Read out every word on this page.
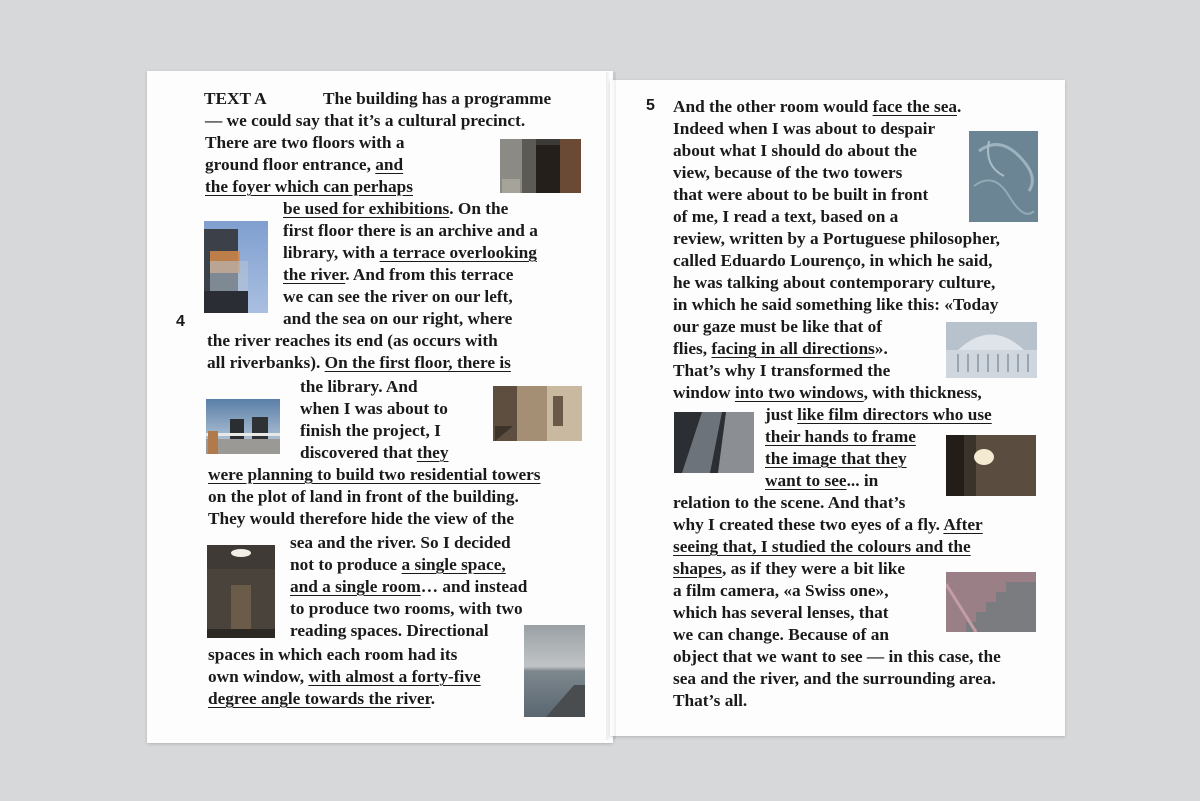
The building has a programme
— we could say that it’s a cultural precinct.
There are two floors with a
ground floor entrance, and
the foyer which can perhaps
be used for exhibitions. On the
first floor there is an archive and a
library, with a terrace overlooking
the river. And from this terrace
we can see the river on our left,
and the sea on our right, where
the river reaches its end (as occurs with
all riverbanks). On the first floor, there is
the library. And
when I was about to
finish the project, I
discovered that they
were planning to build two residential towers
on the plot of land in front of the building.
They would therefore hide the view of the
sea and the river. So I decided
not to produce a single space,
and a single room… and instead
to produce two rooms, with two
reading spaces. Directional
spaces in which each room had its
own window, with almost a forty-five
degree angle towards the river.
And the other room would face the sea.
Indeed when I was about to despair
about what I should do about the
view, because of the two towers
that were about to be built in front
of me, I read a text, based on a
review, written by a Portuguese philosopher,
called Eduardo Lourenço, in which he said,
he was talking about contemporary culture,
in which he said something like this: «Today
our gaze must be like that of
flies, facing in all directions».
That’s why I transformed the
window into two windows, with thickness,
just like film directors who use
their hands to frame
the image that they
want to see... in
relation to the scene. And that’s
why I created these two eyes of a fly. After
seeing that, I studied the colours and the
shapes, as if they were a bit like
a film camera, «a Swiss one»,
which has several lenses, that
we can change. Because of an
object that we want to see — in this case, the
sea and the river, and the surrounding area.
That’s all.
4
5
TEXT A
